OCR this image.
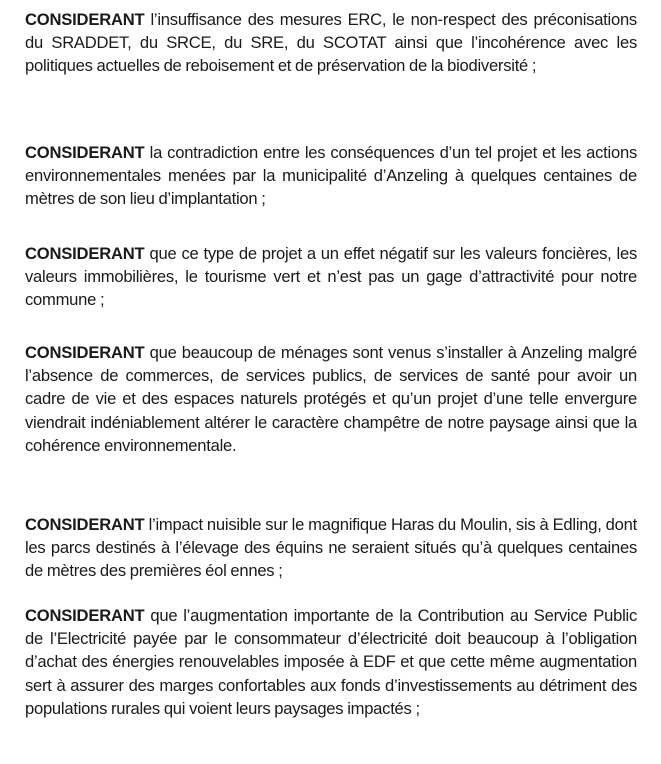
CONSIDERANT l’insuffisance des mesures ERC, le non-respect des préconisations du SRADDET, du SRCE, du SRE, du SCOTAT ainsi que l’incohérence avec les politiques actuelles de reboisement et de préservation de la biodiversité ;

CONSIDERANT la contradiction entre les conséquences d’un tel projet et les actions environnementales menées par la municipalité d’Anzeling à quelques centaines de mètres de son lieu d’implantation ;

CONSIDERANT que ce type de projet a un effet négatif sur les valeurs foncières, les valeurs immobilières, le tourisme vert et n’est pas un gage d’attractivité pour notre commune ;

CONSIDERANT que beaucoup de ménages sont venus s’installer à Anzeling malgré l’absence de commerces, de services publics, de services de santé pour avoir un cadre de vie et des espaces naturels protégés et qu’un projet d’une telle envergure viendrait indéniablement altérer le caractère champêtre de notre paysage ainsi que la cohérence environnementale.

CONSIDERANT l’impact nuisible sur le magnifique Haras du Moulin, sis à Edling, dont les parcs destinés à l’élevage des équins ne seraient situés qu’à quelques centaines de mètres des premières éol ennes ;

CONSIDERANT que l’augmentation importante de la Contribution au Service Public de l’Electricité payée par le consommateur d’électricité doit beaucoup à l’obligation d’achat des énergies renouvelables imposée à EDF et que cette même augmentation sert à assurer des marges confortables aux fonds d’investissements au détriment des populations rurales qui voient leurs paysages impactés ;
